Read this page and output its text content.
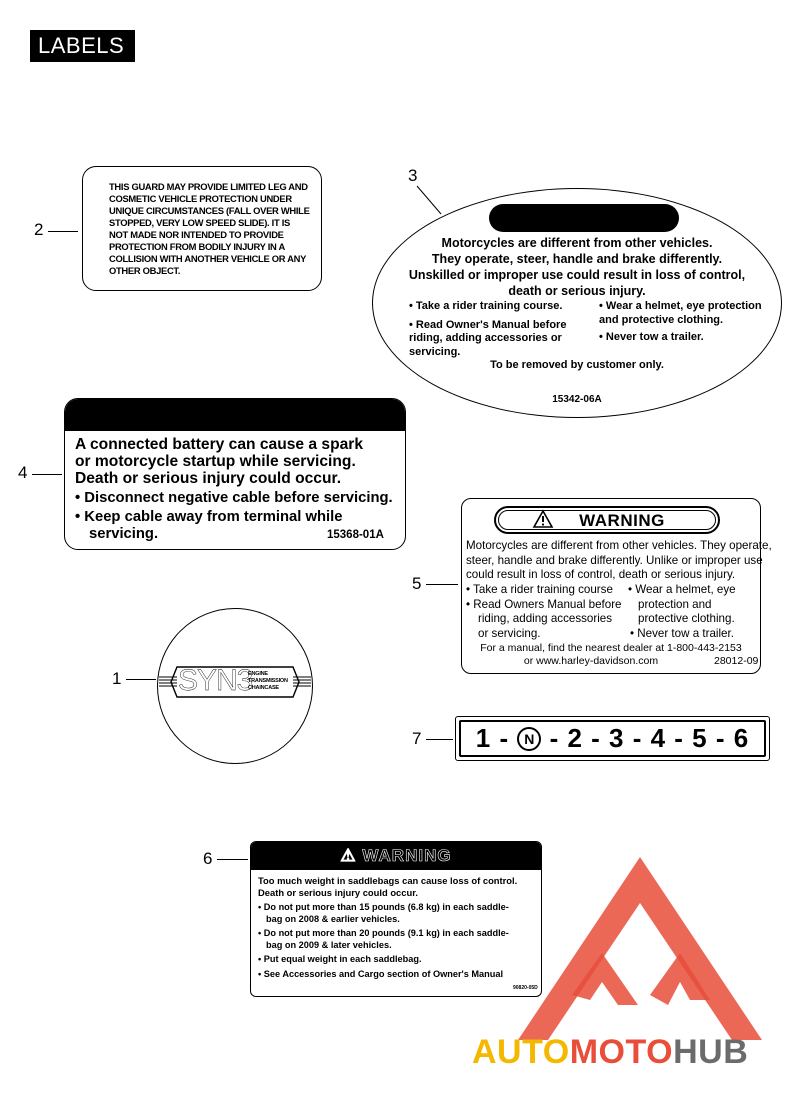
LABELS
2
THIS GUARD MAY PROVIDE LIMITED LEG AND COSMETIC VEHICLE PROTECTION UNDER UNIQUE CIRCUMSTANCES (FALL OVER WHILE STOPPED, VERY LOW SPEED SLIDE). IT IS NOT MADE NOR INTENDED TO PROVIDE PROTECTION FROM BODILY INJURY IN A COLLISION WITH ANOTHER VEHICLE OR ANY OTHER OBJECT.
3
Motorcycles are different from other vehicles.
They operate, steer, handle and brake differently.
Unskilled or improper use could result in loss of control,
death or serious injury.
• Take a rider training course.
• Read Owner's Manual before riding, adding accessories or servicing.
• Wear a helmet, eye protection and protective clothing.
• Never tow a trailer.
To be removed by customer only.
15342-06A
4
A connected battery can cause a spark
or motorcycle startup while servicing.
Death or serious injury could occur.
• Disconnect negative cable before servicing.
• Keep cable away from terminal while
servicing.	15368-01A
5
WARNING
Motorcycles are different from other vehicles. They operate,
steer, handle and brake differently. Unlike or improper use
could result in loss of control, death or serious injury.
• Take a rider training course
• Read Owners Manual before
riding, adding accessories
or servicing.
• Wear a helmet, eye
protection and
protective clothing.
• Never tow a trailer.
For a manual, find the nearest dealer at 1-800-443-2153
or www.harley-davidson.com	28012-09
1 SYN3
ENGINE
TRANSMISSION
CHAINCASE
7	1 - N - 2 - 3 - 4 - 5 - 6
6	⚠ WARNING
Too much weight in saddlebags can cause loss of control.
Death or serious injury could occur.
• Do not put more than 15 pounds (6.8 kg) in each saddle-
bag on 2008 & earlier vehicles.
• Do not put more than 20 pounds (9.1 kg) in each saddle-
bag on 2009 & later vehicles.
• Put equal weight in each saddlebag.
• See Accessories and Cargo section of Owner's Manual
90820-05D
AUTOMOTOHUB
